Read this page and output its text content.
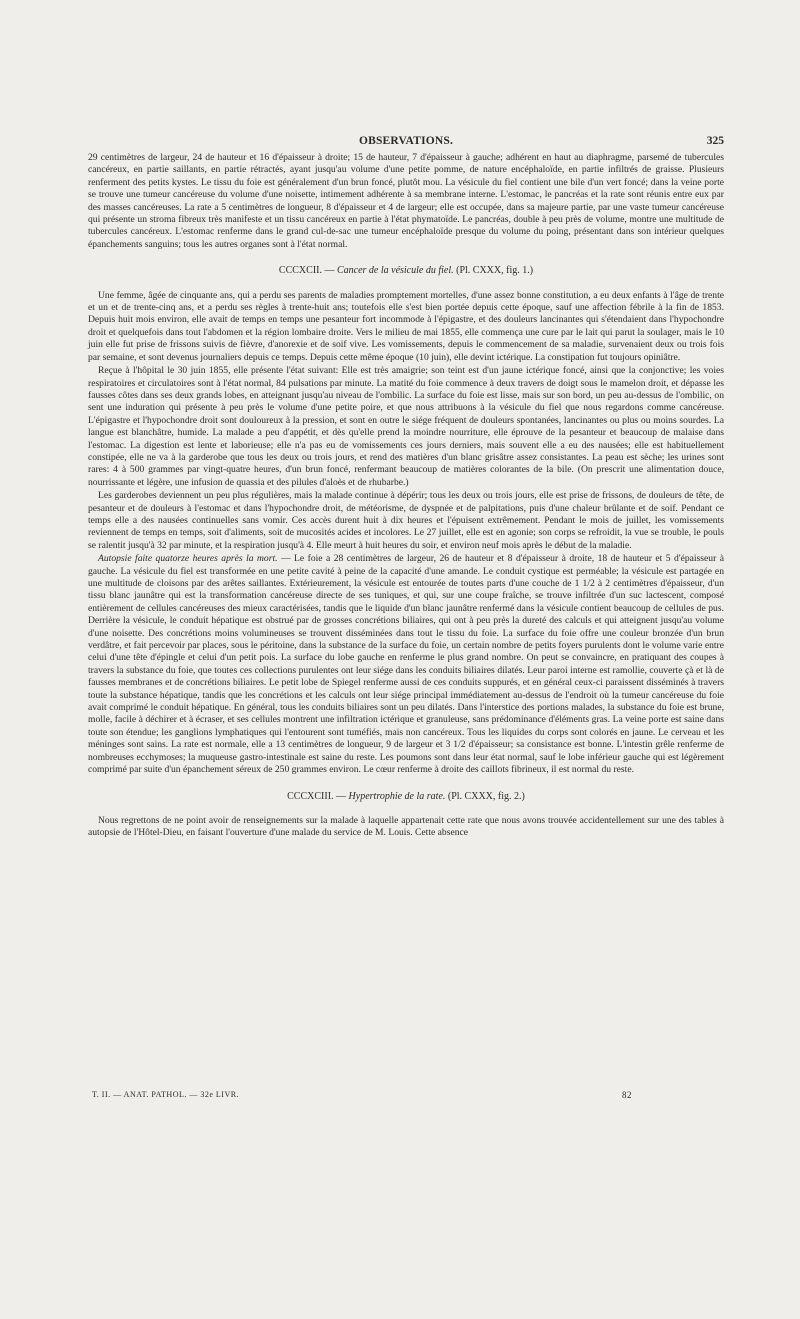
OBSERVATIONS.	325

29 centimètres de largeur, 24 de hauteur et 16 d'épaisseur à droite; 15 de hauteur, 7 d'épaisseur à gauche; adhérent en haut au diaphragme, parsemé de tubercules cancéreux, en partie saillants, en partie rétractés, ayant jusqu'au volume d'une petite pomme, de nature encéphaloïde, en partie infiltrés de graisse. Plusieurs renferment des petits kystes. Le tissu du foie est généralement d'un brun foncé, plutôt mou. La vésicule du fiel contient une bile d'un vert foncé; dans la veine porte se trouve une tumeur cancéreuse du volume d'une noisette, intimement adhérente à sa membrane interne. L'estomac, le pancréas et la rate sont réunis entre eux par des masses cancéreuses. La rate a 5 centimètres de longueur, 8 d'épaisseur et 4 de largeur; elle est occupée, dans sa majeure partie, par une vaste tumeur cancéreuse qui présente un stroma fibreux très manifeste et un tissu cancéreux en partie à l'état phymatoïde. Le pancréas, double à peu près de volume, montre une multitude de tubercules cancéreux. L'estomac renferme dans le grand cul-de-sac une tumeur encéphaloïde presque du volume du poing, présentant dans son intérieur quelques épanchements sanguins; tous les autres organes sont à l'état normal.

CCCXCII. — Cancer de la vésicule du fiel. (Pl. CXXX, fig. 1.)

Une femme, âgée de cinquante ans, qui a perdu ses parents de maladies promptement mortelles, d'une assez bonne constitution, a eu deux enfants à l'âge de trente et un et de trente-cinq ans, et a perdu ses règles à trente-huit ans; toutefois elle s'est bien portée depuis cette époque, sauf une affection fébrile à la fin de 1853. Depuis huit mois environ, elle avait de temps en temps une pesanteur fort incommode à l'épigastre, et des douleurs lancinantes qui s'étendaient dans l'hypochondre droit et quelquefois dans tout l'abdomen et la région lombaire droite. Vers le milieu de mai 1855, elle commença une cure par le lait qui parut la soulager, mais le 10 juin elle fut prise de frissons suivis de fièvre, d'anorexie et de soif vive. Les vomissements, depuis le commencement de sa maladie, survenaient deux ou trois fois par semaine, et sont devenus journaliers depuis ce temps. Depuis cette même époque (10 juin), elle devint ictérique. La constipation fut toujours opiniâtre.

Reçue à l'hôpital le 30 juin 1855, elle présente l'état suivant: Elle est très amaigrie; son teint est d'un jaune ictérique foncé, ainsi que la conjonctive; les voies respiratoires et circulatoires sont à l'état normal, 84 pulsations par minute. La matité du foie commence à deux travers de doigt sous le mamelon droit, et dépasse les fausses côtes dans ses deux grands lobes, en atteignant jusqu'au niveau de l'ombilic. La surface du foie est lisse, mais sur son bord, un peu au-dessus de l'ombilic, on sent une induration qui présente à peu près le volume d'une petite poire, et que nous attribuons à la vésicule du fiel que nous regardons comme cancéreuse. L'épigastre et l'hypochondre droit sont douloureux à la pression, et sont en outre le siége fréquent de douleurs spontanées, lancinantes ou plus ou moins sourdes. La langue est blanchâtre, humide. La malade a peu d'appétit, et dès qu'elle prend la moindre nourriture, elle éprouve de la pesanteur et beaucoup de malaise dans l'estomac. La digestion est lente et laborieuse; elle n'a pas eu de vomissements ces jours derniers, mais souvent elle a eu des nausées; elle est habituellement constipée, elle ne va à la garderobe que tous les deux ou trois jours, et rend des matières d'un blanc grisâtre assez consistantes. La peau est sèche; les urines sont rares: 4 à 500 grammes par vingt-quatre heures, d'un brun foncé, renfermant beaucoup de matières colorantes de la bile. (On prescrit une alimentation douce, nourrissante et légère, une infusion de quassia et des pilules d'aloès et de rhubarbe.)

Les garderobes deviennent un peu plus régulières, mais la malade continue à dépérir; tous les deux ou trois jours, elle est prise de frissons, de douleurs de tête, de pesanteur et de douleurs à l'estomac et dans l'hypochondre droit, de météorisme, de dyspnée et de palpitations, puis d'une chaleur brûlante et de soif. Pendant ce temps elle a des nausées continuelles sans vomir. Ces accès durent huit à dix heures et l'épuisent extrêmement. Pendant le mois de juillet, les vomissements reviennent de temps en temps, soit d'aliments, soit de mucosités acides et incolores. Le 27 juillet, elle est en agonie; son corps se refroidit, la vue se trouble, le pouls se ralentit jusqu'à 32 par minute, et la respiration jusqu'à 4. Elle meurt à huit heures du soir, et environ neuf mois après le début de la maladie.

Autopsie faite quatorze heures après la mort. — Le foie a 28 centimètres de largeur, 26 de hauteur et 8 d'épaisseur à droite, 18 de hauteur et 5 d'épaisseur à gauche. La vésicule du fiel est transformée en une petite cavité à peine de la capacité d'une amande. Le conduit cystique est perméable; la vésicule est partagée en une multitude de cloisons par des arêtes saillantes. Extérieurement, la vésicule est entourée de toutes parts d'une couche de 1 1/2 à 2 centimètres d'épaisseur, d'un tissu blanc jaunâtre qui est la transformation cancéreuse directe de ses tuniques, et qui, sur une coupe fraîche, se trouve infiltrée d'un suc lactescent, composé entièrement de cellules cancéreuses des mieux caractérisées, tandis que le liquide d'un blanc jaunâtre renfermé dans la vésicule contient beaucoup de cellules de pus. Derrière la vésicule, le conduit hépatique est obstrué par de grosses concrétions biliaires, qui ont à peu près la dureté des calculs et qui atteignent jusqu'au volume d'une noisette. Des concrétions moins volumineuses se trouvent disséminées dans tout le tissu du foie. La surface du foie offre une couleur bronzée d'un brun verdâtre, et fait percevoir par places, sous le péritoine, dans la substance de la surface du foie, un certain nombre de petits foyers purulents dont le volume varie entre celui d'une tête d'épingle et celui d'un petit pois. La surface du lobe gauche en renferme le plus grand nombre. On peut se convaincre, en pratiquant des coupes à travers la substance du foie, que toutes ces collections purulentes ont leur siége dans les conduits biliaires dilatés. Leur paroi interne est ramollie, couverte çà et là de fausses membranes et de concrétions biliaires. Le petit lobe de Spiegel renferme aussi de ces conduits suppurés, et en général ceux-ci paraissent disséminés à travers toute la substance hépatique, tandis que les concrétions et les calculs ont leur siége principal immédiatement au-dessus de l'endroit où la tumeur cancéreuse du foie avait comprimé le conduit hépatique. En général, tous les conduits biliaires sont un peu dilatés. Dans l'interstice des portions malades, la substance du foie est brune, molle, facile à déchirer et à écraser, et ses cellules montrent une infiltration ictérique et granuleuse, sans prédominance d'éléments gras. La veine porte est saine dans toute son étendue; les ganglions lymphatiques qui l'entourent sont tuméfiés, mais non cancéreux. Tous les liquides du corps sont colorés en jaune. Le cerveau et les méninges sont sains. La rate est normale, elle a 13 centimètres de longueur, 9 de largeur et 3 1/2 d'épaisseur; sa consistance est bonne. L'intestin grêle renferme de nombreuses ecchymoses; la muqueuse gastro-intestinale est saine du reste. Les poumons sont dans leur état normal, sauf le lobe inférieur gauche qui est légèrement comprimé par suite d'un épanchement séreux de 250 grammes environ. Le cœur renferme à droite des caillots fibrineux, il est normal du reste.

CCCXCIII. — Hypertrophie de la rate. (Pl. CXXX, fig. 2.)

Nous regrettons de ne point avoir de renseignements sur la malade à laquelle appartenait cette rate que nous avons trouvée accidentellement sur une des tables à autopsie de l'Hôtel-Dieu, en faisant l'ouverture d'une malade du service de M. Louis. Cette absence

T. II. — ANAT. PATHOL. — 32e LIVR.	82
